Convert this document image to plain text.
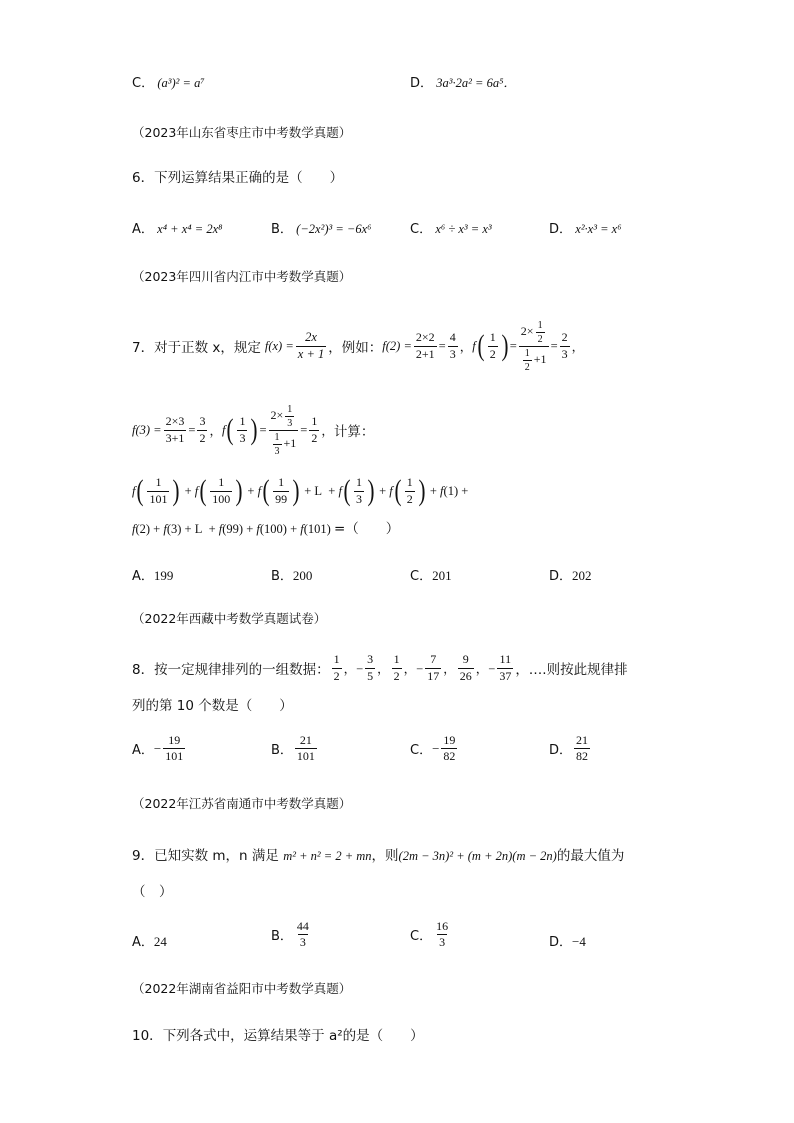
C． (a³)² = a⁷	D． 3a³·2a² = 6a⁵．
（2023年山东省枣庄市中考数学真题）
6．下列运算结果正确的是（　　）
A． x⁴ + x⁴ = 2x⁸	B． (−2x²)³ = −6x⁶	C． x⁶ ÷ x³ = x³	D． x²·x³ = x⁶
（2023年四川省内江市中考数学真题）
7． 对于正数 x，规定 $f(x) = \frac{2x}{x + 1}$ ，例如： $f(2) = \frac{2\times 2}{2+1} = \frac{4}{3}$ ， f ( $\frac{1}{2}$ ) = $\frac{2\times \frac{1}{2}}{\frac{1}{2} +1} = \frac{2}{3}$ ，
$f(3) = \frac{2\times 3}{3+1} = \frac{3}{2}$ ， f ( $\frac{1}{3}$ ) = $\frac{2\times \frac{1}{3}}{\frac{1}{3} +1} = \frac{1}{2}$ ， 计算：
f ( $\frac{1}{101}$ ) + f ( $\frac{1}{100}$ ) + f ( $\frac{1}{99}$ ) + L  + f ( $\frac{1}{3}$ ) + f ( $\frac{1}{2}$ ) + f (1) +
f(2) + f(3) + L  + f(99) + f(100) + f(101) =（　　）
A．199	B．200	C．201	D．202
（2022年西藏中考数学真题试卷）
8． 按一定规律排列的一组数据： $\frac{1}{2}$ ，− $\frac{3}{5}$ ， $\frac{1}{2}$ ，− $\frac{7}{17}$ ， $\frac{9}{26}$ ，− $\frac{11}{37}$ ，….则按此规律排
列的第 10 个数是（　　）
A． − $\frac{19}{101}$	B． $\frac{21}{101}$	C． − $\frac{19}{82}$	D． $\frac{21}{82}$
（2022年江苏省南通市中考数学真题）
9．已知实数 m，n 满足 m² + n² = 2 + mn，则(2m − 3n)² + (m + 2n)(m − 2n)的最大值为
（　）
A．24	B． $\frac{44}{3}$	C． $\frac{16}{3}$	D．−4
（2022年湖南省益阳市中考数学真题）
10．下列各式中，运算结果等于 a²的是（　　）
